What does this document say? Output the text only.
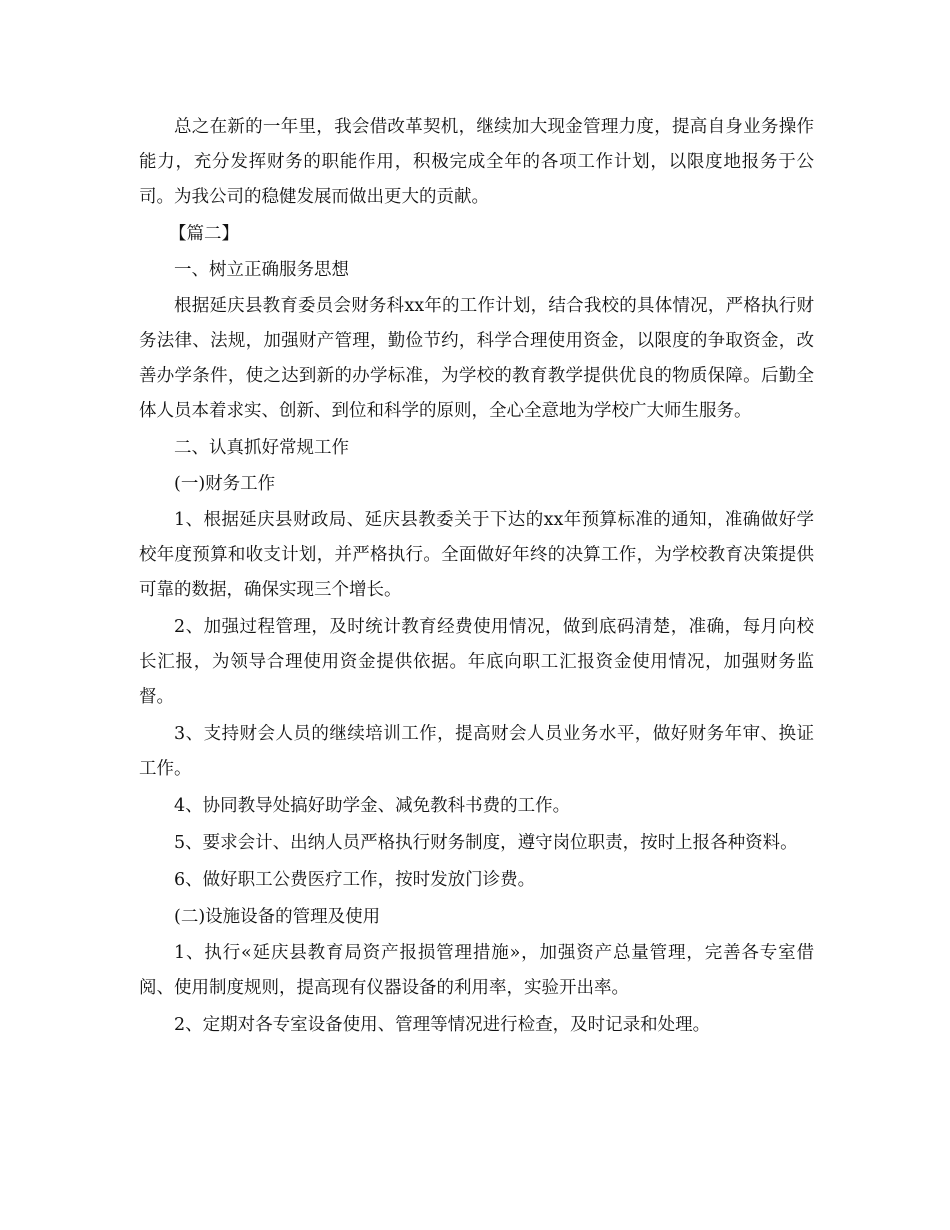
总之在新的一年里，我会借改革契机，继续加大现金管理力度，提高自身业务操作能力，充分发挥财务的职能作用，积极完成全年的各项工作计划，以限度地报务于公司。为我公司的稳健发展而做出更大的贡献。

【篇二】

一、树立正确服务思想

根据延庆县教育委员会财务科xx年的工作计划，结合我校的具体情况，严格执行财务法律、法规，加强财产管理，勤俭节约，科学合理使用资金，以限度的争取资金，改善办学条件，使之达到新的办学标准，为学校的教育教学提供优良的物质保障。后勤全体人员本着求实、创新、到位和科学的原则，全心全意地为学校广大师生服务。

二、认真抓好常规工作

(一)财务工作

1、根据延庆县财政局、延庆县教委关于下达的xx年预算标准的通知，准确做好学校年度预算和收支计划，并严格执行。全面做好年终的决算工作，为学校教育决策提供可靠的数据，确保实现三个增长。

2、加强过程管理，及时统计教育经费使用情况，做到底码清楚，准确，每月向校长汇报，为领导合理使用资金提供依据。年底向职工汇报资金使用情况，加强财务监督。

3、支持财会人员的继续培训工作，提高财会人员业务水平，做好财务年审、换证工作。

4、协同教导处搞好助学金、减免教科书费的工作。

5、要求会计、出纳人员严格执行财务制度，遵守岗位职责，按时上报各种资料。

6、做好职工公费医疗工作，按时发放门诊费。

(二)设施设备的管理及使用

1、执行«延庆县教育局资产报损管理措施»，加强资产总量管理，完善各专室借阅、使用制度规则，提高现有仪器设备的利用率，实验开出率。

2、定期对各专室设备使用、管理等情况进行检查，及时记录和处理。
